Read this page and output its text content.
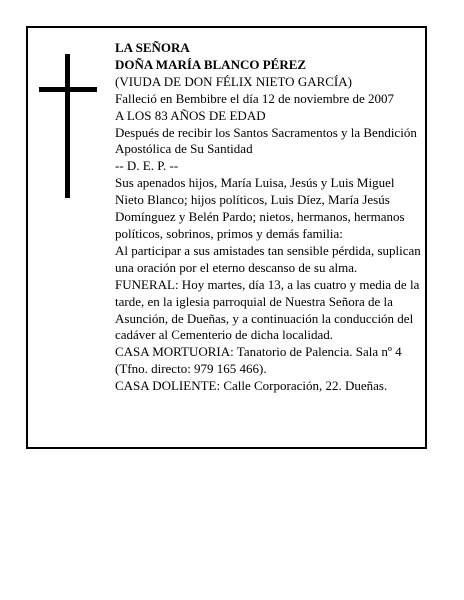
LA SEÑORA

DOÑA MARÍA BLANCO PÉREZ

(VIUDA DE DON FÉLIX NIETO GARCÍA)

Falleció en Bembibre el día 12 de noviembre de 2007

A LOS 83 AÑOS DE EDAD

Después de recibir los Santos Sacramentos y la Bendición Apostólica de Su Santidad

-- D. E. P. --

Sus apenados hijos, María Luisa, Jesús y Luis Miguel Nieto Blanco; hijos políticos, Luis Díez, María Jesús Domínguez y Belén Pardo; nietos, hermanos, hermanos políticos, sobrinos, primos y demás familia:

Al participar a sus amistades tan sensible pérdida, suplican una oración por el eterno descanso de su alma.

FUNERAL: Hoy martes, día 13, a las cuatro y media de la tarde, en la iglesia parroquial de Nuestra Señora de la Asunción, de Dueñas, y a continuación la conducción del cadáver al Cementerio de dicha localidad.

CASA MORTUORIA: Tanatorio de Palencia. Sala nº 4 (Tfno. directo: 979 165 466).

CASA DOLIENTE: Calle Corporación, 22. Dueñas.
